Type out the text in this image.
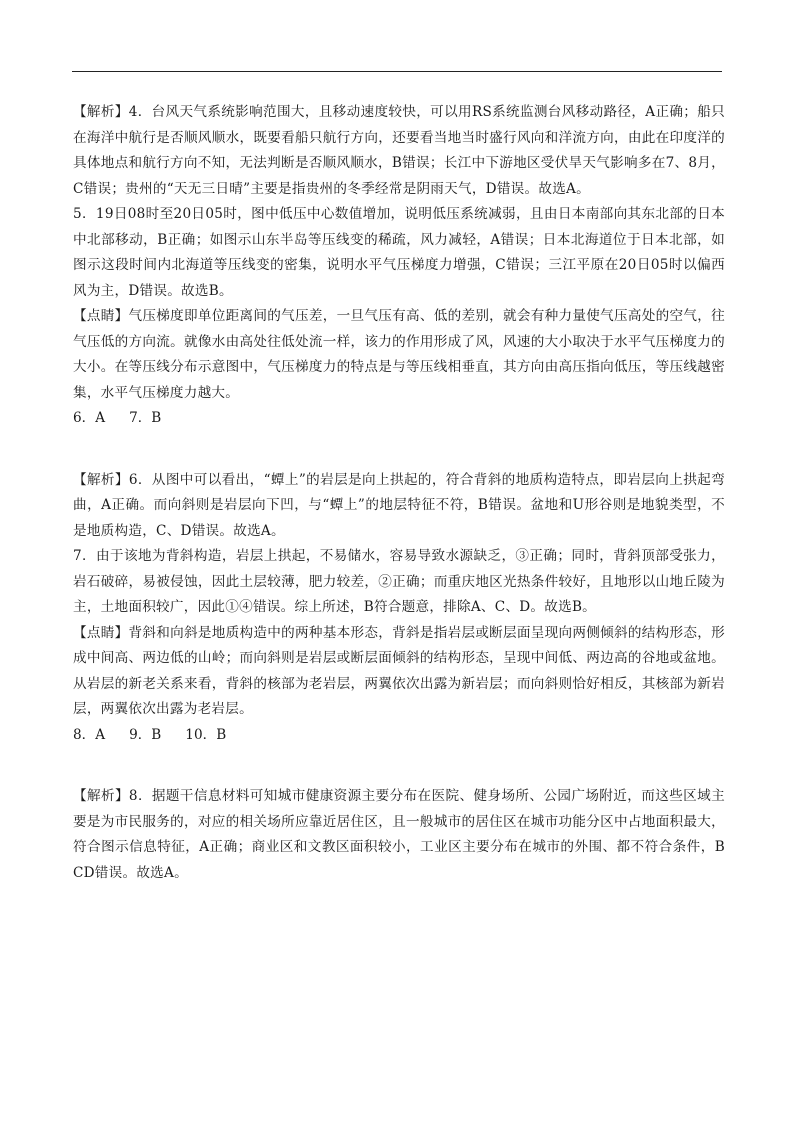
【解析】4．台风天气系统影响范围大，且移动速度较快，可以用RS系统监测台风移动路径，A正确；船只在海洋中航行是否顺风顺水，既要看船只航行方向，还要看当地当时盛行风向和洋流方向，由此在印度洋的具体地点和航行方向不知，无法判断是否顺风顺水，B错误；长江中下游地区受伏旱天气影响多在7、8月，C错误；贵州的“天无三日晴”主要是指贵州的冬季经常是阴雨天气，D错误。故选A。

5．19日08时至20日05时，图中低压中心数值增加，说明低压系统减弱，且由日本南部向其东北部的日本中北部移动，B正确；如图示山东半岛等压线变的稀疏，风力减轻，A错误；日本北海道位于日本北部，如图示这段时间内北海道等压线变的密集，说明水平气压梯度力增强，C错误；三江平原在20日05时以偏西风为主，D错误。故选B。

【点睛】气压梯度即单位距离间的气压差，一旦气压有高、低的差别，就会有种力量使气压高处的空气，往气压低的方向流。就像水由高处往低处流一样，该力的作用形成了风，风速的大小取决于水平气压梯度力的大小。在等压线分布示意图中，气压梯度力的特点是与等压线相垂直，其方向由高压指向低压，等压线越密集，水平气压梯度力越大。

6．A 7．B

【解析】6．从图中可以看出，“蟫上”的岩层是向上拱起的，符合背斜的地质构造特点，即岩层向上拱起弯曲，A正确。而向斜则是岩层向下凹，与“蟫上”的地层特征不符，B错误。盆地和U形谷则是地貌类型，不是地质构造，C、D错误。故选A。

7．由于该地为背斜构造，岩层上拱起，不易储水，容易导致水源缺乏，③正确；同时，背斜顶部受张力，岩石破碎，易被侵蚀，因此土层较薄，肥力较差，②正确；而重庆地区光热条件较好，且地形以山地丘陵为主，土地面积较广，因此①④错误。综上所述，B符合题意，排除A、C、D。故选B。

【点睛】背斜和向斜是地质构造中的两种基本形态，背斜是指岩层或断层面呈现向两侧倾斜的结构形态，形成中间高、两边低的山岭；而向斜则是岩层或断层面倾斜的结构形态，呈现中间低、两边高的谷地或盆地。从岩层的新老关系来看，背斜的核部为老岩层，两翼依次出露为新岩层；而向斜则恰好相反，其核部为新岩层，两翼依次出露为老岩层。

8．A 9．B 10．B

【解析】8．据题干信息材料可知城市健康资源主要分布在医院、健身场所、公园广场附近，而这些区域主要是为市民服务的，对应的相关场所应靠近居住区，且一般城市的居住区在城市功能分区中占地面积最大，符合图示信息特征，A正确；商业区和文教区面积较小，工业区主要分布在城市的外围、都不符合条件，BCD错误。故选A。
